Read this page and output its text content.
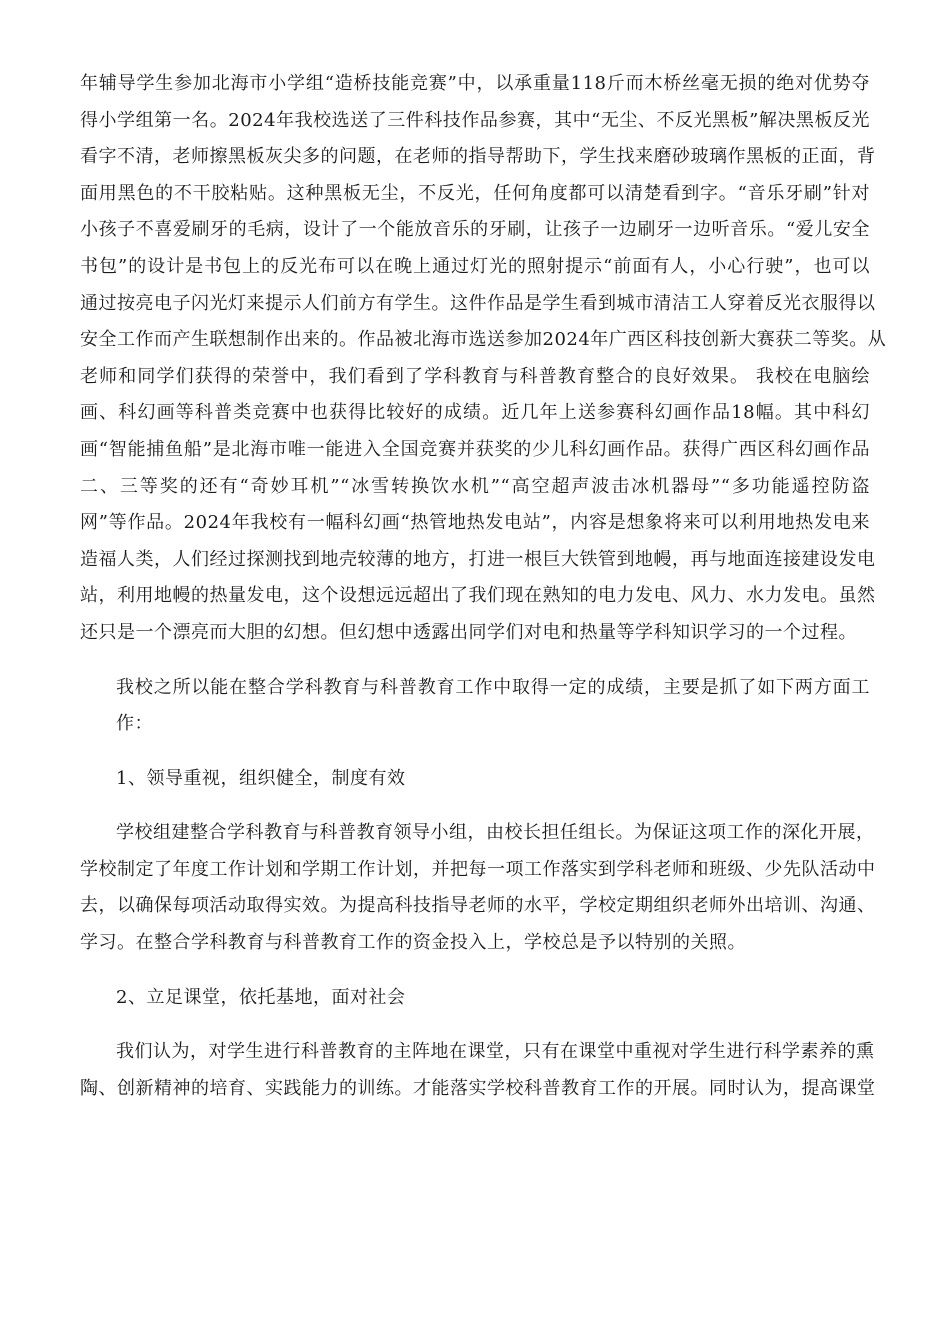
年辅导学生参加北海市小学组“造桥技能竞赛”中，以承重量118斤而木桥丝毫无损的绝对优势夺
得小学组第一名。2024年我校选送了三件科技作品参赛，其中“无尘、不反光黑板”解决黑板反光
看字不清，老师擦黑板灰尖多的问题，在老师的指导帮助下，学生找来磨砂玻璃作黑板的正面，背
面用黑色的不干胶粘贴。这种黑板无尘，不反光，任何角度都可以清楚看到字。“音乐牙刷”针对
小孩子不喜爱刷牙的毛病，设计了一个能放音乐的牙刷，让孩子一边刷牙一边听音乐。“爱儿安全
书包”的设计是书包上的反光布可以在晚上通过灯光的照射提示“前面有人，小心行驶”，也可以
通过按亮电子闪光灯来提示人们前方有学生。这件作品是学生看到城市清洁工人穿着反光衣服得以
安全工作而产生联想制作出来的。作品被北海市选送参加2024年广西区科技创新大赛获二等奖。从
老师和同学们获得的荣誉中，我们看到了学科教育与科普教育整合的良好效果。 我校在电脑绘
画、科幻画等科普类竞赛中也获得比较好的成绩。近几年上送参赛科幻画作品18幅。其中科幻
画“智能捕鱼船”是北海市唯一能进入全国竞赛并获奖的少儿科幻画作品。获得广西区科幻画作品
二、三等奖的还有“奇妙耳机”“冰雪转换饮水机”“高空超声波击冰机器母”“多功能遥控防盗
网”等作品。2024年我校有一幅科幻画“热管地热发电站”，内容是想象将来可以利用地热发电来
造福人类，人们经过探测找到地壳较薄的地方，打进一根巨大铁管到地幔，再与地面连接建设发电
站，利用地幔的热量发电，这个设想远远超出了我们现在熟知的电力发电、风力、水力发电。虽然
还只是一个漂亮而大胆的幻想。但幻想中透露出同学们对电和热量等学科知识学习的一个过程。
我校之所以能在整合学科教育与科普教育工作中取得一定的成绩，主要是抓了如下两方面工
作：
1、领导重视，组织健全，制度有效
学校组建整合学科教育与科普教育领导小组，由校长担任组长。为保证这项工作的深化开展，
学校制定了年度工作计划和学期工作计划，并把每一项工作落实到学科老师和班级、少先队活动中
去，以确保每项活动取得实效。为提高科技指导老师的水平，学校定期组织老师外出培训、沟通、
学习。在整合学科教育与科普教育工作的资金投入上，学校总是予以特别的关照。
2、立足课堂，依托基地，面对社会
我们认为，对学生进行科普教育的主阵地在课堂，只有在课堂中重视对学生进行科学素养的熏
陶、创新精神的培育、实践能力的训练。才能落实学校科普教育工作的开展。同时认为，提高课堂
